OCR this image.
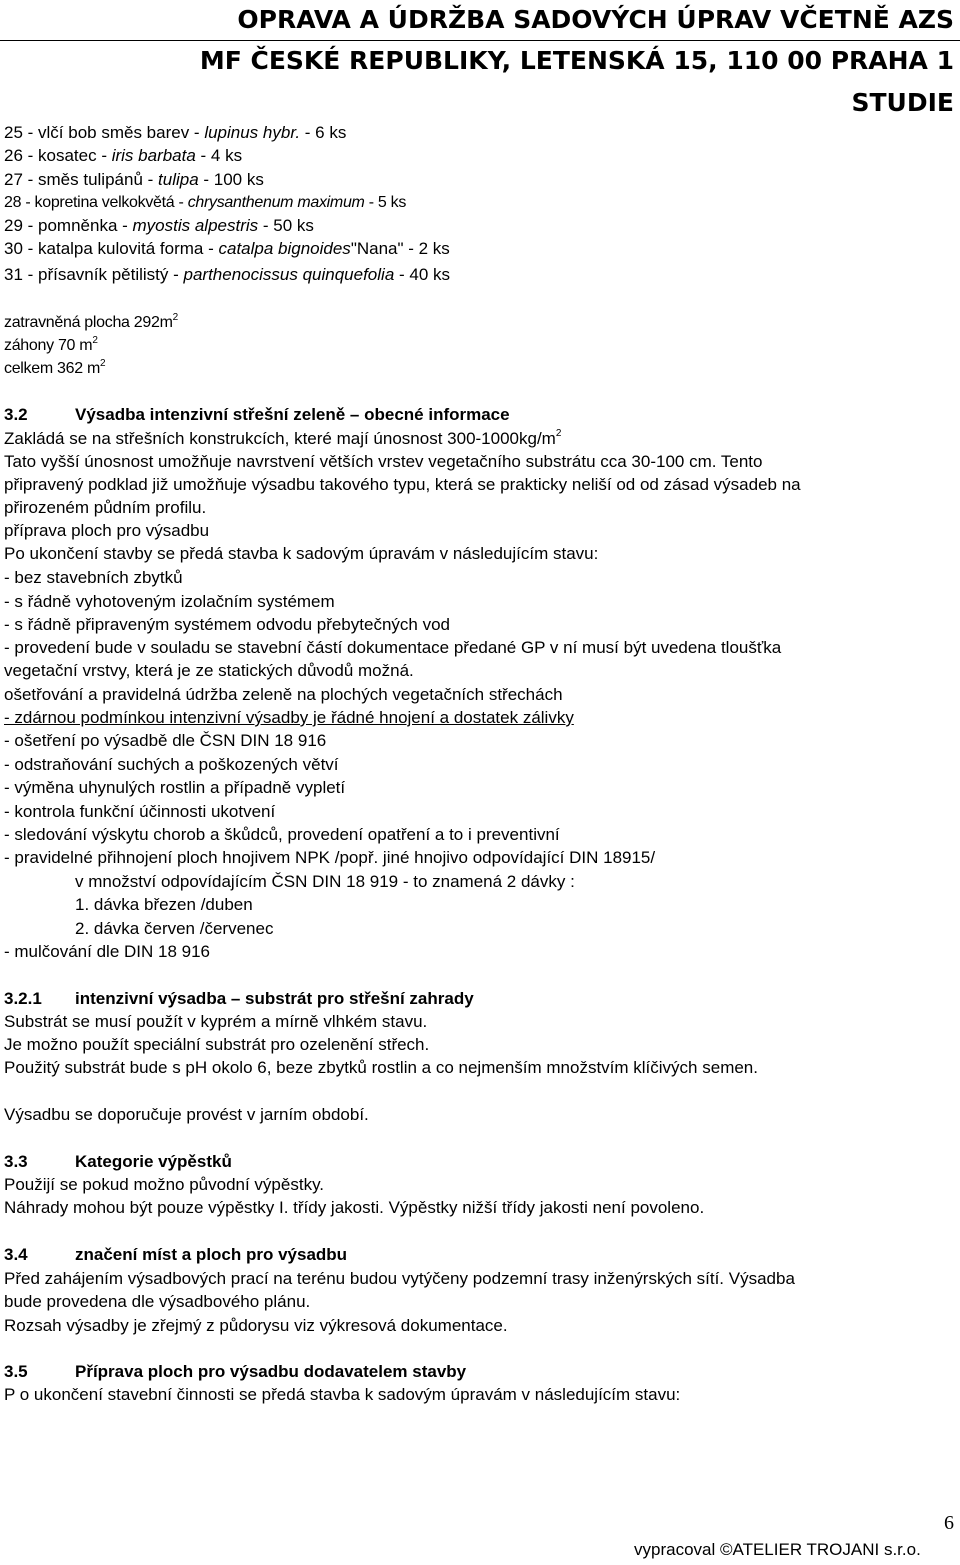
OPRAVA A ÚDRŽBA SADOVÝCH ÚPRAV VČETNĚ AZS
MF ČESKÉ REPUBLIKY, LETENSKÁ 15, 110 00 PRAHA 1
STUDIE
25 - vlčí bob směs barev - lupinus hybr. - 6 ks
26 - kosatec - iris barbata - 4 ks
27 - směs tulipánů - tulipa - 100 ks
28 - kopretina velkokvětá - chrysanthenum maximum - 5 ks
29 - pomněnka - myostis alpestris - 50 ks
30 - katalpa kulovitá forma - catalpa bignoides"Nana" - 2 ks
31 - přísavník pětilistý - parthenocissus quinquefolia - 40 ks
zatravněná plocha $292m^2$
záhony 70 $m^2$
celkem 362 $m^2$
3.2	Výsadba intenzivní střešní zeleně – obecné informace
Zakládá se na střešních konstrukcích, které mají únosnost $300-1000kg/m^2$
Tato vyšší únosnost umožňuje navrstvení větších vrstev vegetačního substrátu cca 30-100 cm. Tento
připravený podklad již umožňuje výsadbu takového typu, která se prakticky neliší od od zásad výsadeb na
přirozeném půdním profilu.
příprava ploch pro výsadbu
Po ukončení stavby se předá stavba k sadovým úpravám v následujícím stavu:
- bez stavebních zbytků
- s řádně vyhotoveným izolačním systémem
- s řádně připraveným systémem odvodu přebytečných vod
- provedení bude v souladu se stavební částí dokumentace předané GP v ní musí být uvedena tloušťka
vegetační vrstvy, která je ze statických důvodů možná.
ošetřování a pravidelná údržba zeleně na plochých vegetačních střechách
- zdárnou podmínkou intenzivní výsadby je řádné hnojení a dostatek zálivky
- ošetření po výsadbě dle ČSN DIN 18 916
- odstraňování suchých a poškozených větví
- výměna uhynulých rostlin a případně vypletí
- kontrola funkční účinnosti ukotvení
- sledování výskytu chorob a škůdců, provedení opatření a to i preventivní
- pravidelné přihnojení ploch hnojivem NPK /popř. jiné hnojivo odpovídající DIN 18915/
v množství odpovídajícím ČSN DIN 18 919 - to znamená 2 dávky :
1. dávka březen /duben
2. dávka červen /červenec
- mulčování dle DIN 18 916
3.2.1 intenzivní výsadba – substrát pro střešní zahrady
Substrát se musí použít v kyprém a mírně vlhkém stavu.
Je možno použít speciální substrát pro ozelenění střech.
Použitý substrát bude s pH okolo 6, beze zbytků rostlin a co nejmenším množstvím klíčivých semen.
Výsadbu se doporučuje provést v jarním období.
3.3	Kategorie výpěstků
Použijí se pokud možno původní výpěstky.
Náhrady mohou být pouze výpěstky I. třídy jakosti. Výpěstky nižší třídy jakosti není povoleno.
3.4	značení míst a ploch pro výsadbu
Před zahájením výsadbových prací na terénu budou vytýčeny podzemní trasy inženýrských sítí. Výsadba
bude provedena dle výsadbového plánu.
Rozsah výsadby je zřejmý z půdorysu viz výkresová dokumentace.
3.5	Příprava ploch pro výsadbu dodavatelem stavby
P o ukončení stavební činnosti se předá stavba k sadovým úpravám v následujícím stavu:
6
vypracoval ©ATELIER TROJANI s.r.o.
